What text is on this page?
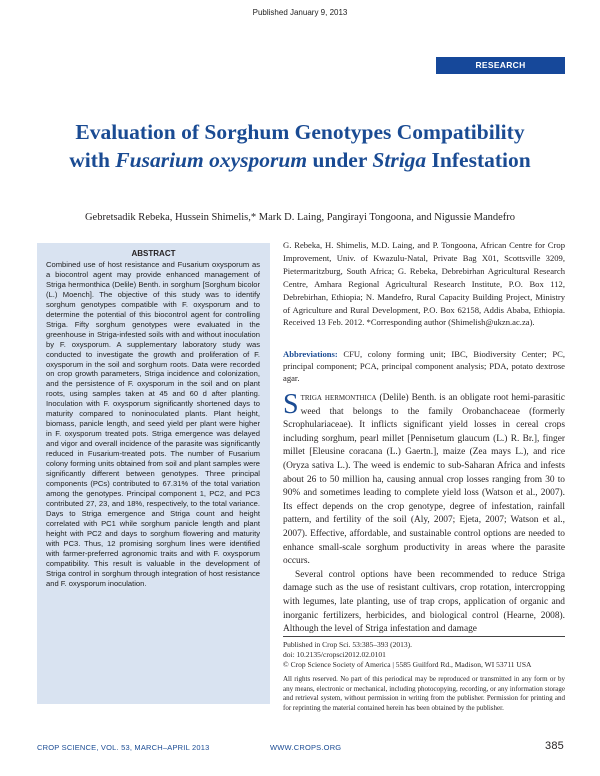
Published January 9, 2013
RESEARCH
Evaluation of Sorghum Genotypes Compatibility
with Fusarium oxysporum under Striga Infestation
Gebretsadik Rebeka, Hussein Shimelis,* Mark D. Laing, Pangirayi Tongoona, and Nigussie Mandefro
ABSTRACT
Combined use of host resistance and Fusarium oxysporum as a biocontrol agent may provide enhanced management of Striga hermonthica (Delile) Benth. in sorghum [Sorghum bicolor (L.) Moench]. The objective of this study was to identify sorghum genotypes compatible with F. oxysporum and to determine the potential of this biocontrol agent for controlling Striga. Fifty sorghum genotypes were evaluated in the greenhouse in Striga-infested soils with and without inoculation by F. oxysporum. A supplementary laboratory study was conducted to investigate the growth and proliferation of F. oxysporum in the soil and sorghum roots. Data were recorded on crop growth parameters, Striga incidence and colonization, and the persistence of F. oxysporum in the soil and on plant roots, using samples taken at 45 and 60 d after planting. Inoculation with F. oxysporum significantly shortened days to maturity compared to noninoculated plants. Plant height, biomass, panicle length, and seed yield per plant were higher in F. oxysporum treated pots. Striga emergence was delayed and vigor and overall incidence of the parasite was significantly reduced in Fusarium-treated pots. The number of Fusarium colony forming units obtained from soil and plant samples were significantly different between genotypes. Three principal components (PCs) contributed to 67.31% of the total variation among the genotypes. Principal component 1, PC2, and PC3 contributed 27, 23, and 18%, respectively, to the total variance. Days to Striga emergence and Striga count and height correlated with PC1 while sorghum panicle length and plant height with PC2 and days to sorghum flowering and maturity with PC3. Thus, 12 promising sorghum lines were identified with farmer-preferred agronomic traits and with F. oxysporum compatibility. This result is valuable in the development of Striga control in sorghum through integration of host resistance and F. oxysporum inoculation.
G. Rebeka, H. Shimelis, M.D. Laing, and P. Tongoona, African Centre for Crop Improvement, Univ. of Kwazulu-Natal, Private Bag X01, Scottsville 3209, Pietermaritzburg, South Africa; G. Rebeka, Debrebirhan Agricultural Research Centre, Amhara Regional Agricultural Research Institute, P.O. Box 112, Debrebirhan, Ethiopia; N. Mandefro, Rural Capacity Building Project, Ministry of Agriculture and Rural Development, P.O. Box 62158, Addis Ababa, Ethiopia. Received 13 Feb. 2012. *Corresponding author (Shimelish@ukzn.ac.za).
Abbreviations: CFU, colony forming unit; IBC, Biodiversity Center; PC, principal component; PCA, principal component analysis; PDA, potato dextrose agar.

Striga hermonthica (Delile) Benth. is an obligate root hemi-parasitic weed that belongs to the family Orobanchaceae (formerly Scrophulariaceae). It inflicts significant yield losses in cereal crops including sorghum, pearl millet [Pennisetum glaucum (L.) R. Br.], finger millet [Eleusine coracana (L.) Gaertn.], maize (Zea mays L.), and rice (Oryza sativa L.). The weed is endemic to sub-Saharan Africa and infests about 26 to 50 million ha, causing annual crop losses ranging from 30 to 90% and sometimes leading to complete yield loss (Watson et al., 2007). Its effect depends on the crop genotype, degree of infestation, rainfall pattern, and fertility of the soil (Aly, 2007; Ejeta, 2007; Watson et al., 2007). Effective, affordable, and sustainable control options are needed to enhance small-scale sorghum productivity in areas where the parasite occurs.

Several control options have been recommended to reduce Striga damage such as the use of resistant cultivars, crop rotation, intercropping with legumes, late planting, use of trap crops, application of organic and inorganic fertilizers, herbicides, and biological control (Hearne, 2008). Although the level of Striga infestation and damage

Published in Crop Sci. 53:385–393 (2013).
doi: 10.2135/cropsci2012.02.0101
© Crop Science Society of America | 5585 Guilford Rd., Madison, WI 53711 USA
All rights reserved. No part of this periodical may be reproduced or transmitted in any form or by any means, electronic or mechanical, including photocopying, recording, or any information storage and retrieval system, without permission in writing from the publisher. Permission for printing and for reprinting the material contained herein has been obtained by the publisher.
CROP SCIENCE, VOL. 53, MARCH–APRIL 2013	WWW.CROPS.ORG	385
